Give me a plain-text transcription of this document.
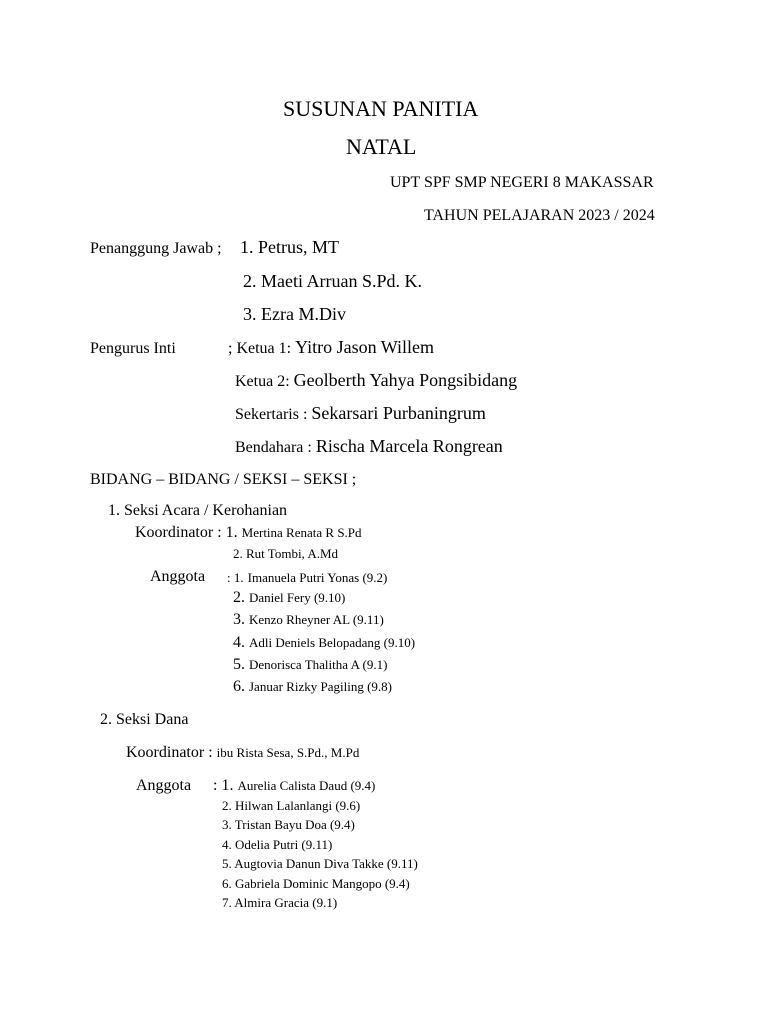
SUSUNAN PANITIA
NATAL
UPT SPF SMP NEGERI 8 MAKASSAR
TAHUN PELAJARAN 2023 / 2024
Penanggung Jawab ; 1. Petrus, MT
2. Maeti Arruan S.Pd. K.
3. Ezra M.Div
Pengurus Inti	; Ketua 1: Yitro Jason Willem
Ketua 2: Geolberth Yahya Pongsibidang
Sekertaris : Sekarsari Purbaningrum
Bendahara : Rischa Marcela Rongrean
BIDANG – BIDANG / SEKSI – SEKSI ;
1. Seksi Acara / Kerohanian
Koordinator : 1. Mertina Renata R S.Pd
2. Rut Tombi, A.Md
Anggota : 1. Imanuela Putri Yonas (9.2)
2. Daniel Fery (9.10)
3. Kenzo Rheyner AL (9.11)
4. Adli Deniels Belopadang (9.10)
5. Denorisca Thalitha A (9.1)
6. Januar Rizky Pagiling (9.8)
2. Seksi Dana
Koordinator : ibu Rista Sesa, S.Pd., M.Pd
Anggota : 1. Aurelia Calista Daud (9.4)
2. Hilwan Lalanlangi (9.6)
3. Tristan Bayu Doa (9.4)
4. Odelia Putri (9.11)
5. Augtovia Danun Diva Takke (9.11)
6. Gabriela Dominic Mangopo (9.4)
7. Almira Gracia (9.1)
